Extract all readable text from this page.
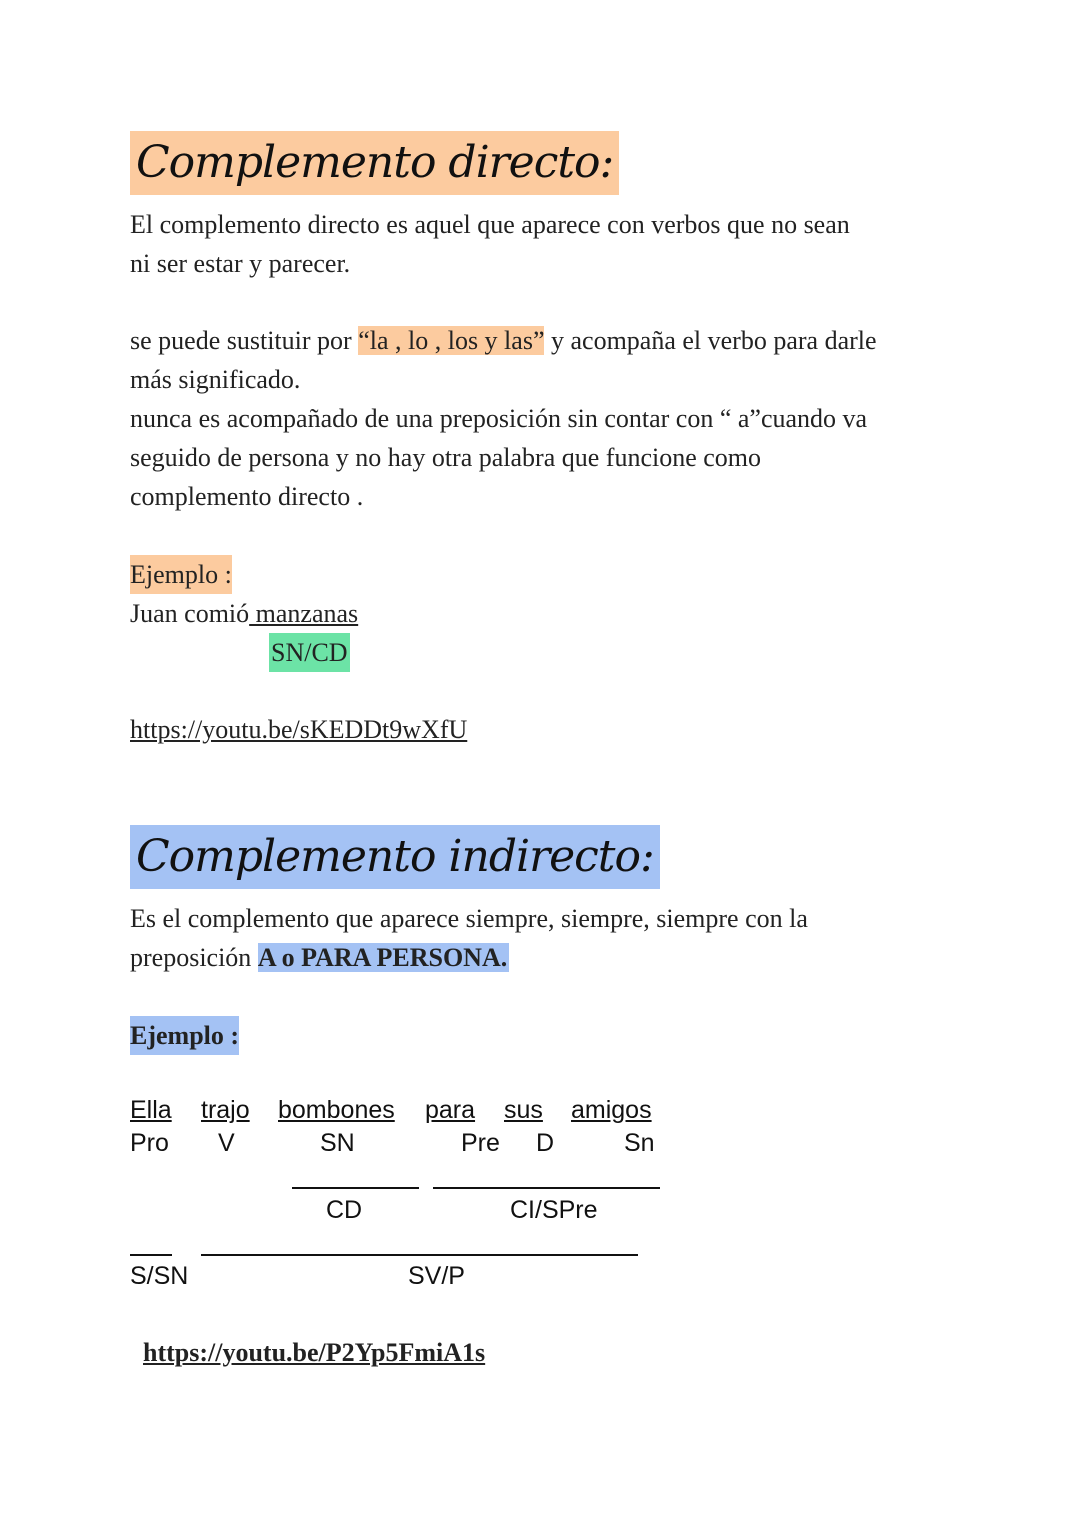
Complemento directo:
El complemento directo es aquel que aparece con verbos que no sean
ni ser estar y parecer.
se puede sustituir por “la , lo , los y las” y acompaña el verbo para darle
más significado.
nunca es acompañado de una preposición sin contar con “ a”cuando va
seguido de persona y no hay otra palabra que funcione como
complemento directo .
Ejemplo :
Juan comió manzanas
SN/CD
https://youtu.be/sKEDDt9wXfU
Complemento indirecto:
Es el complemento que aparece siempre, siempre, siempre con la
preposición A o PARA PERSONA.
Ejemplo :
Ella trajo bombones para sus amigos
Pro V	SN	Pre D	Sn
CD	CI/SPre
S/SN	SV/P
https://youtu.be/P2Yp5FmiA1s
